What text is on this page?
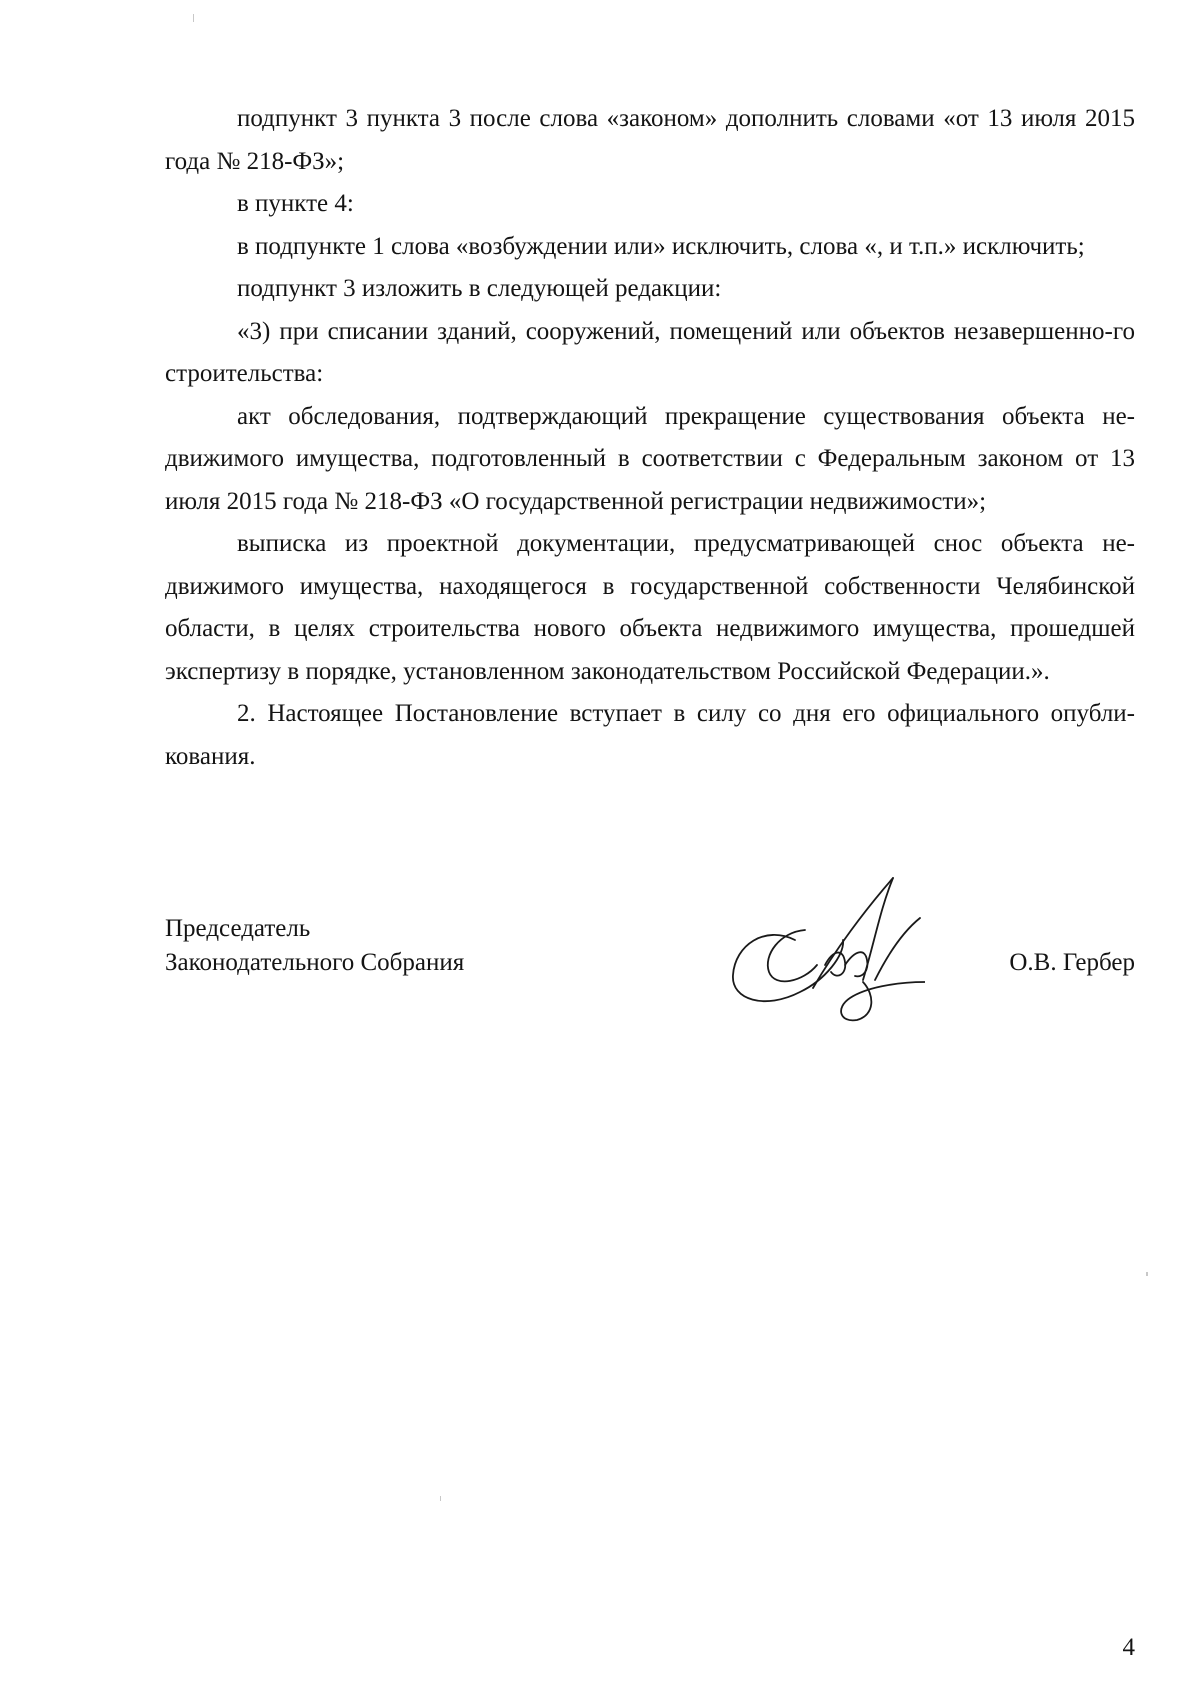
подпункт 3 пункта 3 после слова «законом» дополнить словами «от 13 июля 2015 года № 218-ФЗ»;

в пункте 4:

в подпункте 1 слова «возбуждении или» исключить, слова «, и т.п.» исключить;

подпункт 3 изложить в следующей редакции:

«3) при списании зданий, сооружений, помещений или объектов незавершенно-го строительства:

акт обследования, подтверждающий прекращение существования объекта не-движимого имущества, подготовленный в соответствии с Федеральным законом от 13 июля 2015 года № 218-ФЗ «О государственной регистрации недвижимости»;

выписка из проектной документации, предусматривающей снос объекта не-движимого имущества, находящегося в государственной собственности Челябинской области, в целях строительства нового объекта недвижимого имущества, прошедшей экспертизу в порядке, установленном законодательством Российской Федерации.».

2. Настоящее Постановление вступает в силу со дня его официального опубли-кования.

Председатель
Законодательного Собрания	О.В. Гербер
4
